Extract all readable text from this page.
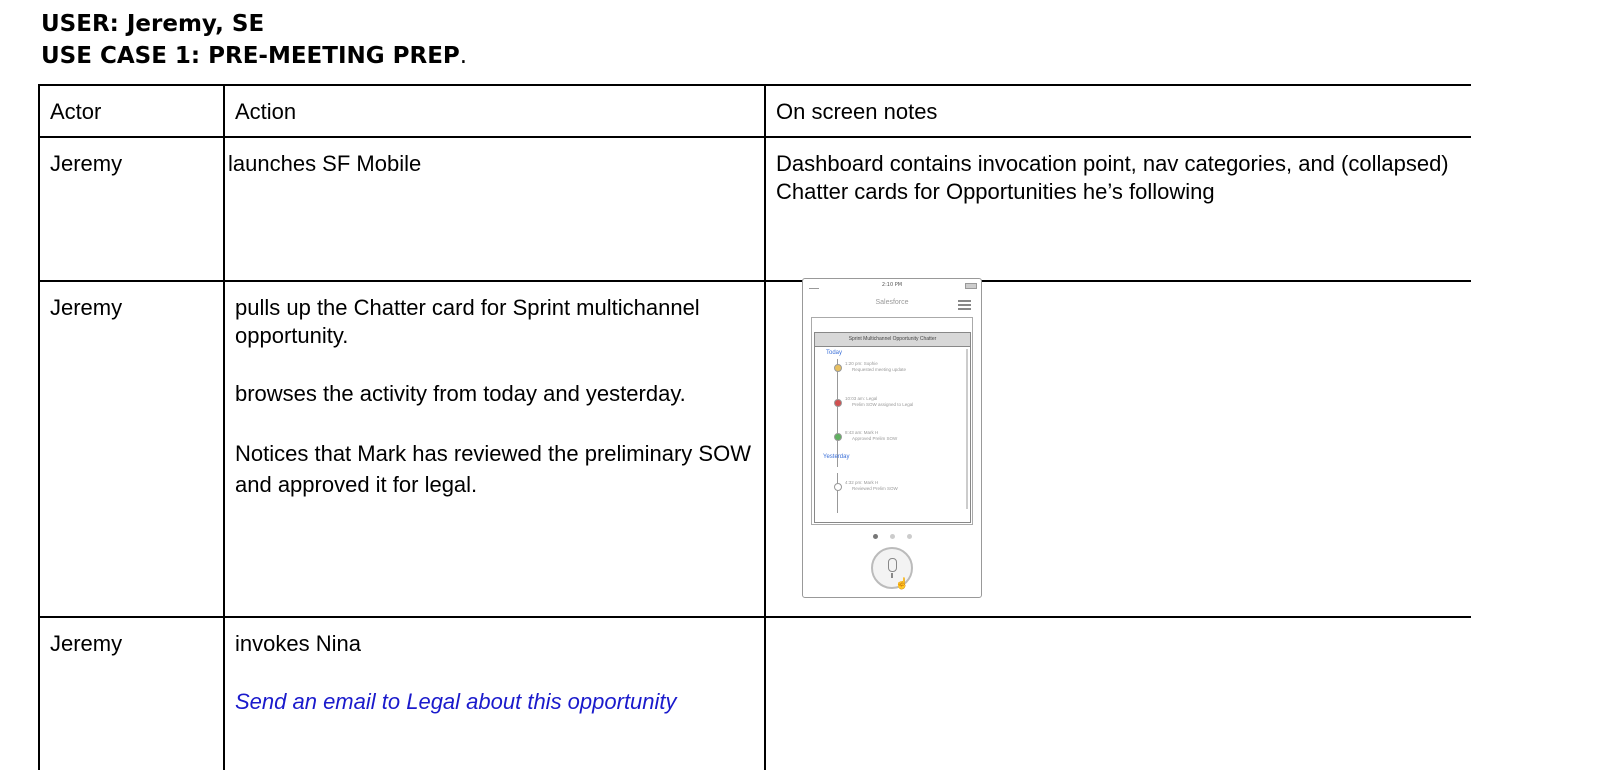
USER: Jeremy, SE
USE CASE 1: PRE-MEETING PREP.
Actor	Action	On screen notes
Jeremy	launches SF Mobile	Dashboard contains invocation point, nav categories, and (collapsed) Chatter cards for Opportunities he’s following
Jeremy	pulls up the Chatter card for Sprint multichannel opportunity.

browses the activity from today and yesterday.

Notices that Mark has reviewed the preliminary SOW and approved it for legal.	

Jeremy	invokes Nina

Send an email to Legal about this opportunity	

2:10 PM
Salesforce
Sprint Multichannel Opportunity Chatter
Today
1:20 pm: Sophie
Requested meeting update
10:03 am: Legal
Prelim SOW assigned to Legal
8:43 am: Mark H
Approved Prelim SOW
Yesterday
4:32 pm: Mark H
Reviewed Prelim SOW
☝
